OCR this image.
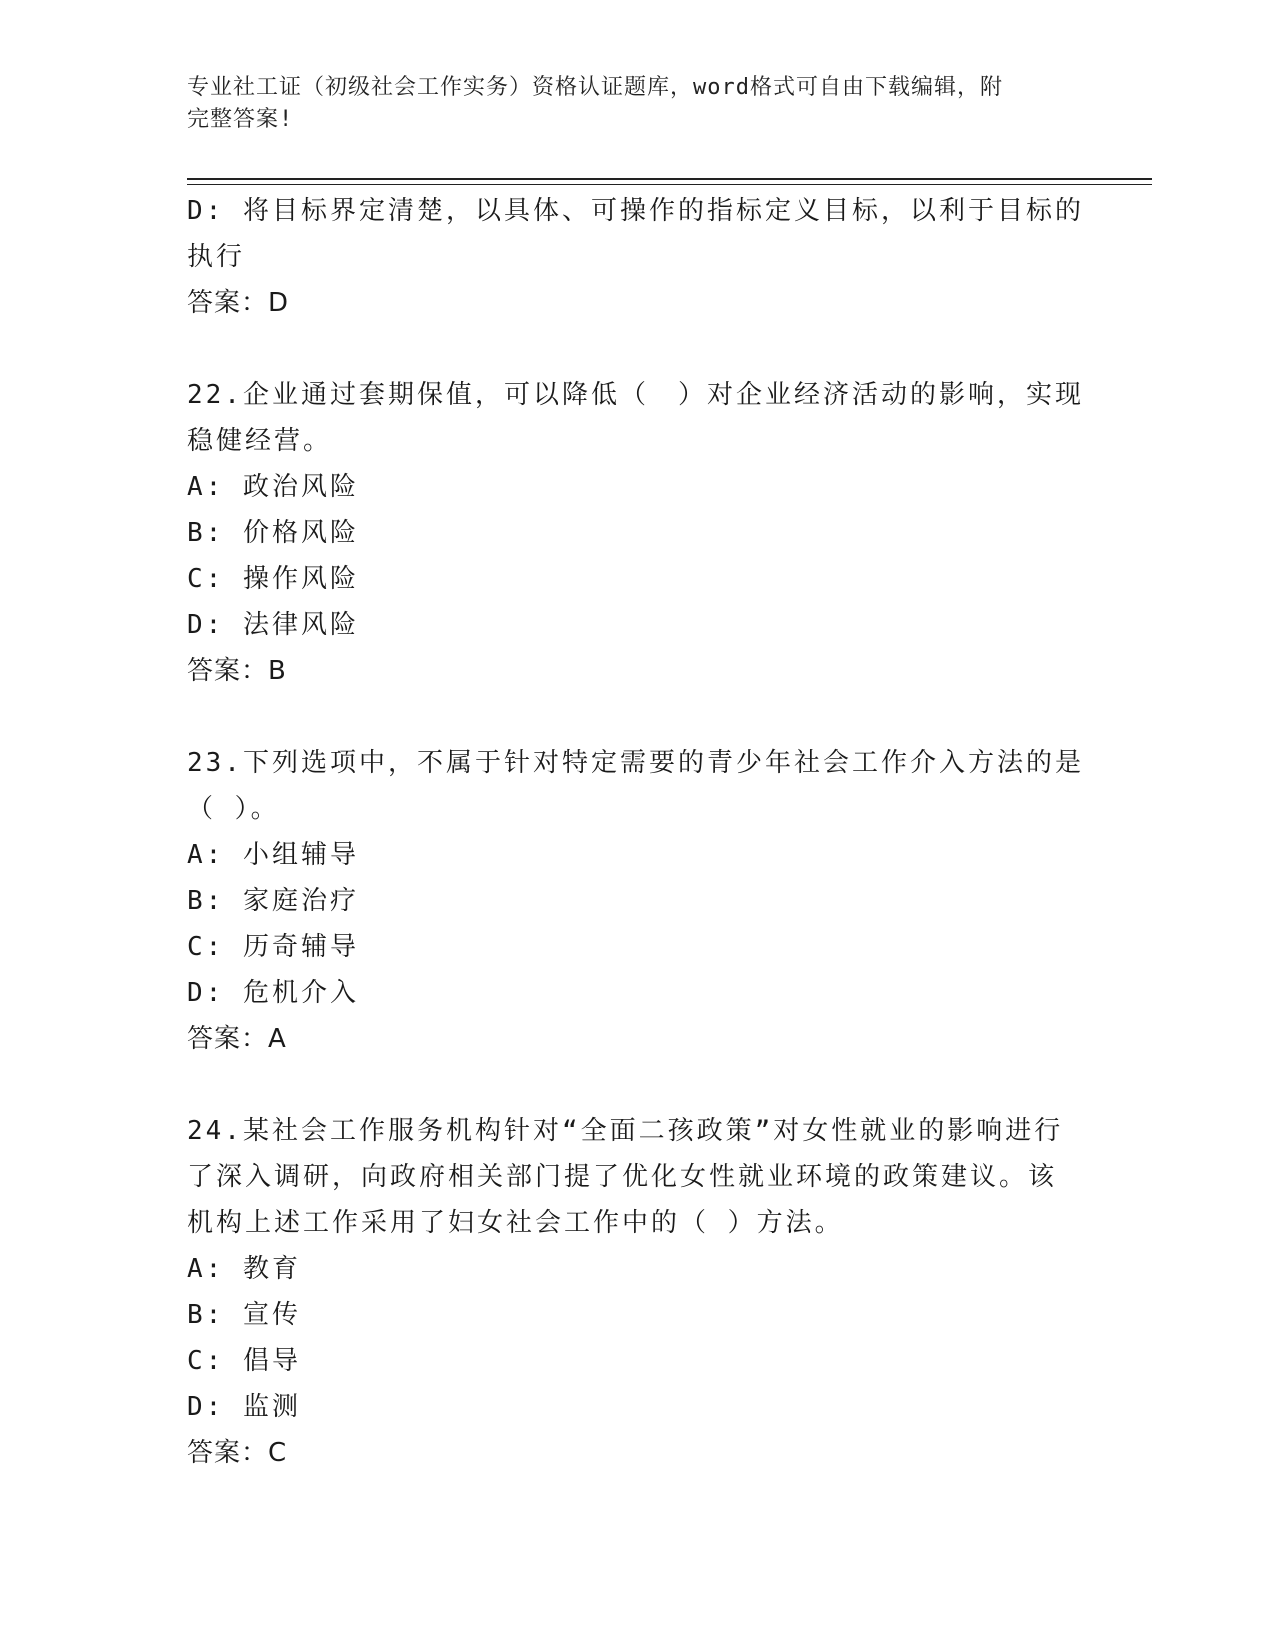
专业社工证（初级社会工作实务）资格认证题库，word格式可自由下载编辑，附
完整答案!

D: 将目标界定清楚，以具体、可操作的指标定义目标，以利于目标的

执行

答案：D

22.企业通过套期保值，可以降低（　）对企业经济活动的影响，实现

稳健经营。

A: 政治风险

B: 价格风险

C: 操作风险

D: 法律风险

答案：B

23.下列选项中，不属于针对特定需要的青少年社会工作介入方法的是

（ ）。

A: 小组辅导

B: 家庭治疗

C: 历奇辅导

D: 危机介入

答案：A

24.某社会工作服务机构针对“全面二孩政策”对女性就业的影响进行

了深入调研，向政府相关部门提了优化女性就业环境的政策建议。该

机构上述工作采用了妇女社会工作中的（ ）方法。

A: 教育

B: 宣传

C: 倡导

D: 监测

答案：C
